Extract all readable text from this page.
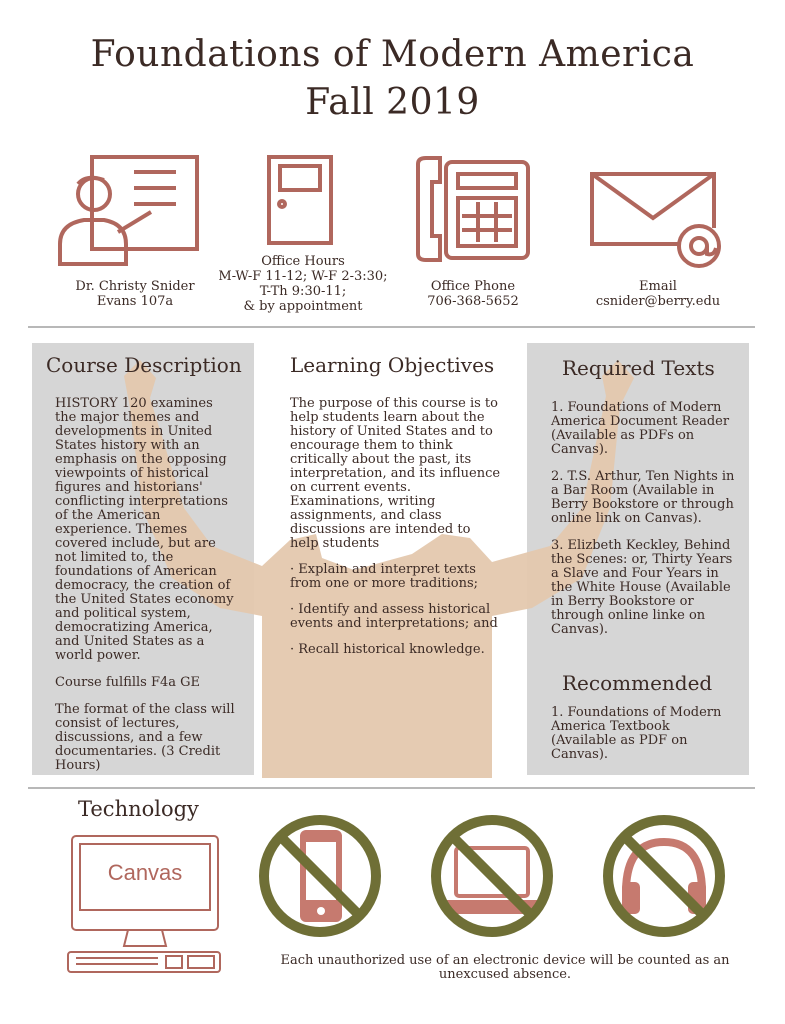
Foundations of Modern America
Fall 2019
Dr. Christy Snider
Evans 107a
Office Hours
M-W-F 11-12; W-F 2-3:30;
T-Th 9:30-11;
& by appointment
Office Phone
706-368-5652
Email
csnider@berry.edu
Course Description Learning Objectives	Required Texts
Recommended

HISTORY 120 examines the major themes and developments in United States history with an emphasis on the opposing viewpoints of historical figures and historians' conflicting interpretations of the American experience. Themes covered include, but are not limited to, the foundations of American democracy, the creation of the United States economy and political system, democratizing America, and United States as a world power.

Course fulfills F4a GE

The format of the class will consist of lectures, discussions, and a few documentaries. (3 Credit Hours)

The purpose of this course is to help students learn about the history of United States and to encourage them to think critically about the past, its interpretation, and its influence on current events. Examinations, writing assignments, and class discussions are intended to help students

· Explain and interpret texts from one or more traditions;

· Identify and assess historical events and interpretations; and

· Recall historical knowledge.

1. Foundations of Modern America Document Reader (Available as PDFs on Canvas).

2. T.S. Arthur, Ten Nights in a Bar Room (Available in Berry Bookstore or through online link on Canvas).

3. Elizbeth Keckley, Behind the Scenes: or, Thirty Years a Slave and Four Years in the White House (Available in Berry Bookstore or through online linke on Canvas).

1. Foundations of Modern America Textbook (Available as PDF on Canvas).

Technology
Canvas
Each unauthorized use of an electronic device will be counted as an unexcused absence.
